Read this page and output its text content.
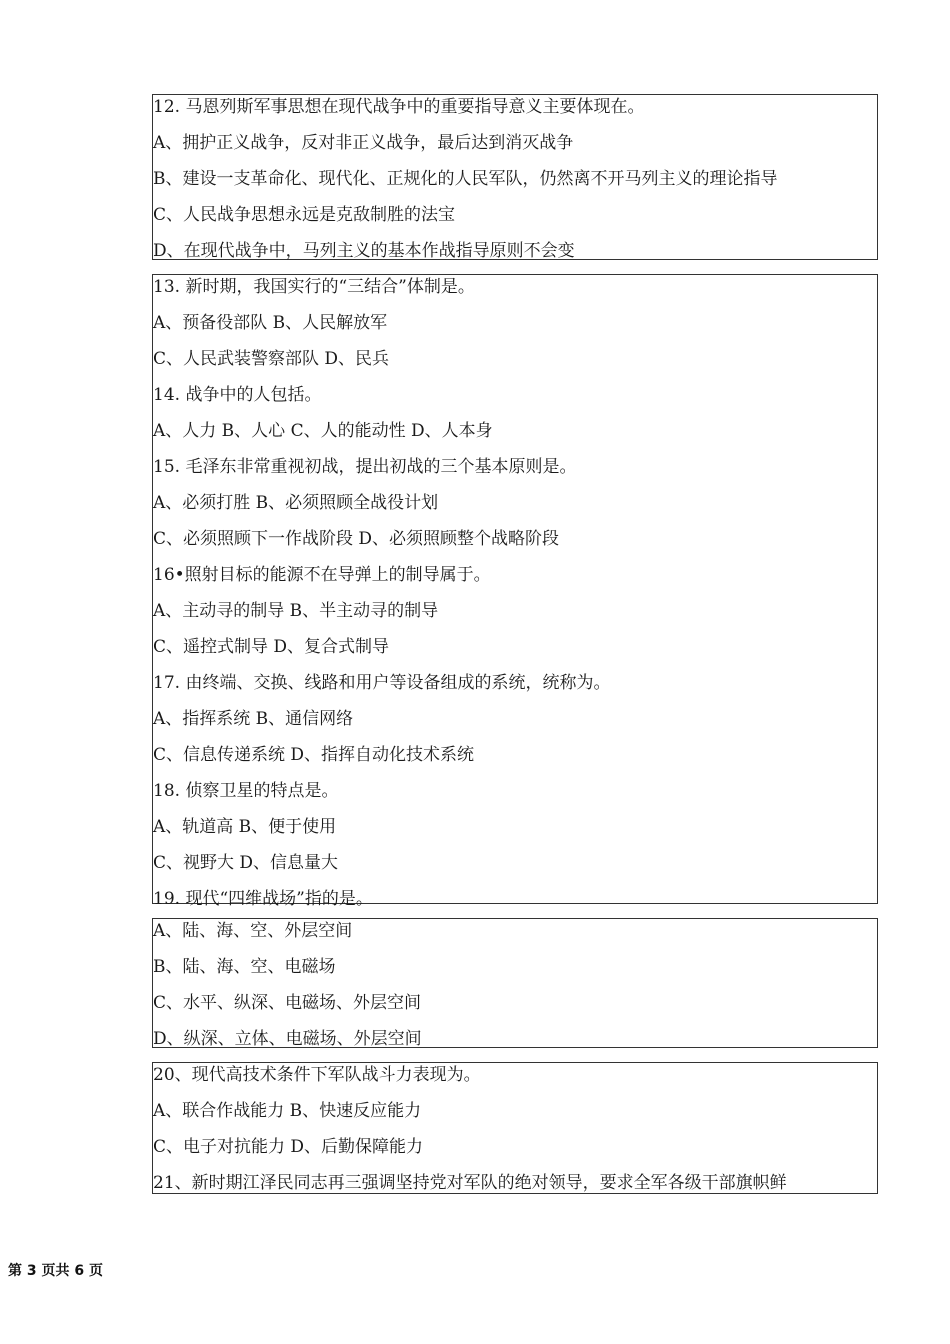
12. 马恩列斯军事思想在现代战争中的重要指导意义主要体现在。
A、拥护正义战争，反对非正义战争，最后达到消灭战争
B、建设一支革命化、现代化、正规化的人民军队，仍然离不开马列主义的理论指导
C、人民战争思想永远是克敌制胜的法宝
D、在现代战争中，马列主义的基本作战指导原则不会变
13. 新时期，我国实行的“三结合”体制是。
A、预备役部队 B、人民解放军
C、人民武装警察部队 D、民兵
14. 战争中的人包括。
A、人力 B、人心 C、人的能动性 D、人本身
15. 毛泽东非常重视初战，提出初战的三个基本原则是。
A、必须打胜 B、必须照顾全战役计划
C、必须照顾下一作战阶段 D、必须照顾整个战略阶段
16•照射目标的能源不在导弹上的制导属于。
A、主动寻的制导 B、半主动寻的制导
C、遥控式制导 D、复合式制导
17. 由终端、交换、线路和用户等设备组成的系统，统称为。
A、指挥系统 B、通信网络
C、信息传递系统 D、指挥自动化技术系统
18. 侦察卫星的特点是。
A、轨道高 B、便于使用
C、视野大 D、信息量大
19. 现代“四维战场”指的是。
A、陆、海、空、外层空间
B、陆、海、空、电磁场
C、水平、纵深、电磁场、外层空间
D、纵深、立体、电磁场、外层空间
20、现代高技术条件下军队战斗力表现为。
A、联合作战能力 B、快速反应能力
C、电子对抗能力 D、后勤保障能力
21、新时期江泽民同志再三强调坚持党对军队的绝对领导，要求全军各级干部旗帜鲜
第 3 页共 6 页
